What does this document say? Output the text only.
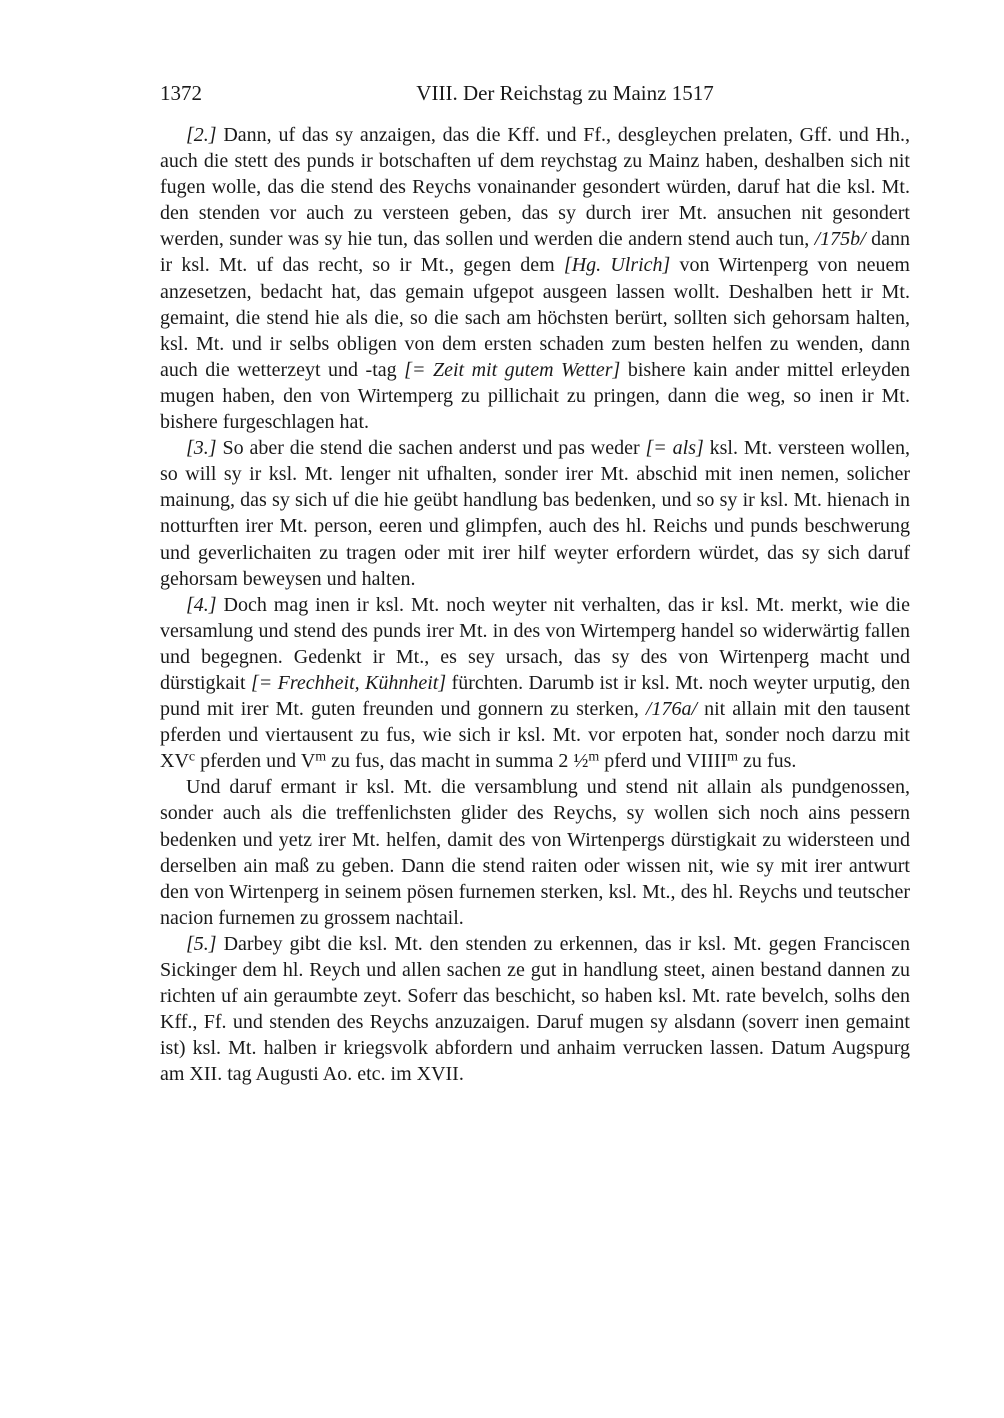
1372	VIII. Der Reichstag zu Mainz 1517

[2.] Dann, uf das sy anzaigen, das die Kff. und Ff., desgleychen prelaten, Gff. und Hh., auch die stett des punds ir botschaften uf dem reychstag zu Mainz haben, deshalben sich nit fugen wolle, das die stend des Reychs vonainander gesondert würden, daruf hat die ksl. Mt. den stenden vor auch zu versteen geben, das sy durch irer Mt. ansuchen nit gesondert werden, sunder was sy hie tun, das sollen und werden die andern stend auch tun, /175b/ dann ir ksl. Mt. uf das recht, so ir Mt., gegen dem [Hg. Ulrich] von Wirtenperg von neuem anzesetzen, bedacht hat, das gemain ufgepot ausgeen lassen wollt. Deshalben hett ir Mt. gemaint, die stend hie als die, so die sach am höchsten berürt, sollten sich gehorsam halten, ksl. Mt. und ir selbs obligen von dem ersten schaden zum besten helfen zu wenden, dann auch die wetterzeyt und -tag [= Zeit mit gutem Wetter] bishere kain ander mittel erleyden mugen haben, den von Wirtemperg zu pillichait zu pringen, dann die weg, so inen ir Mt. bishere furgeschlagen hat.

[3.] So aber die stend die sachen anderst und pas weder [= als] ksl. Mt. versteen wollen, so will sy ir ksl. Mt. lenger nit ufhalten, sonder irer Mt. abschid mit inen nemen, solicher mainung, das sy sich uf die hie geübt handlung bas bedenken, und so sy ir ksl. Mt. hienach in notturften irer Mt. person, eeren und glimpfen, auch des hl. Reichs und punds beschwerung und geverlichaiten zu tragen oder mit irer hilf weyter erfordern würdet, das sy sich daruf gehorsam beweysen und halten.

[4.] Doch mag inen ir ksl. Mt. noch weyter nit verhalten, das ir ksl. Mt. merkt, wie die versamlung und stend des punds irer Mt. in des von Wirtemperg handel so widerwärtig fallen und begegnen. Gedenkt ir Mt., es sey ursach, das sy des von Wirtenperg macht und dürstigkait [= Frechheit, Kühnheit] fürchten. Darumb ist ir ksl. Mt. noch weyter urputig, den pund mit irer Mt. guten freunden und gonnern zu sterken, /176a/ nit allain mit den tausent pferden und viertausent zu fus, wie sich ir ksl. Mt. vor erpoten hat, sonder noch darzu mit $XV^c$ pferden und $V^m$ zu fus, das macht in summa 2 ½$^m$ pferd und VIIII$^m$ zu fus.

Und daruf ermant ir ksl. Mt. die versamblung und stend nit allain als pundgenossen, sonder auch als die treffenlichsten glider des Reychs, sy wollen sich noch ains pessern bedenken und yetz irer Mt. helfen, damit des von Wirtenpergs dürstigkait zu widersteen und derselben ain maß zu geben. Dann die stend raiten oder wissen nit, wie sy mit irer antwurt den von Wirtenperg in seinem pösen furnemen sterken, ksl. Mt., des hl. Reychs und teutscher nacion furnemen zu grossem nachtail.

[5.] Darbey gibt die ksl. Mt. den stenden zu erkennen, das ir ksl. Mt. gegen Franciscen Sickinger dem hl. Reych und allen sachen ze gut in handlung steet, ainen bestand dannen zu richten uf ain geraumbte zeyt. Soferr das beschicht, so haben ksl. Mt. rate bevelch, solhs den Kff., Ff. und stenden des Reychs anzuzaigen. Daruf mugen sy alsdann (soverr inen gemaint ist) ksl. Mt. halben ir kriegsvolk abfordern und anhaim verrucken lassen. Datum Augspurg am XII. tag Augusti Ao. etc. im XVII.
